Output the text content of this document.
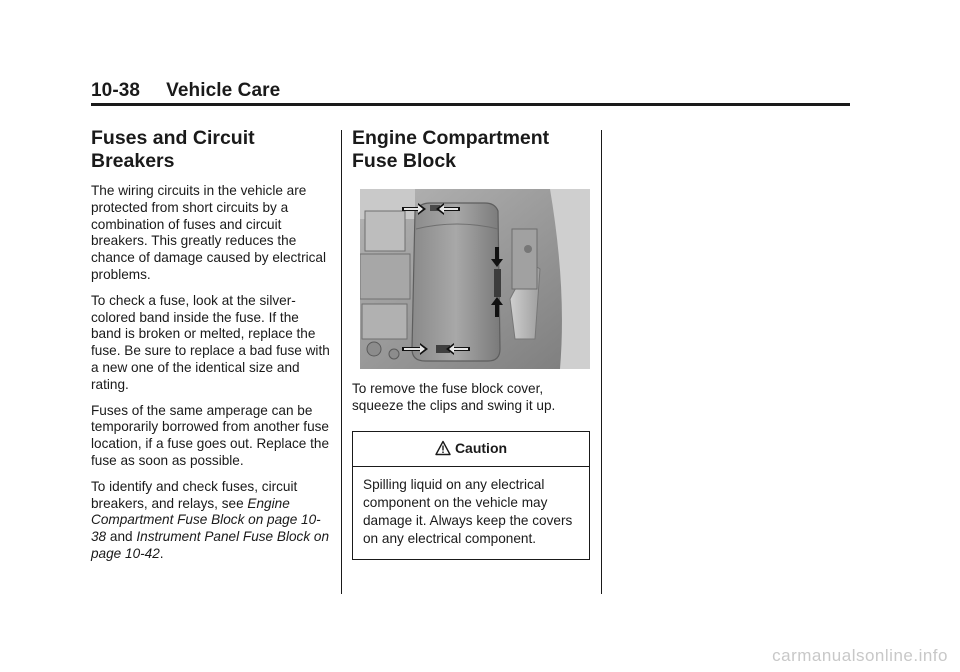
10-38 Vehicle Care
Fuses and Circuit
Breakers

The wiring circuits in the vehicle are protected from short circuits by a combination of fuses and circuit breakers. This greatly reduces the chance of damage caused by electrical problems.

To check a fuse, look at the silver-colored band inside the fuse. If the band is broken or melted, replace the fuse. Be sure to replace a bad fuse with a new one of the identical size and rating.

Fuses of the same amperage can be temporarily borrowed from another fuse location, if a fuse goes out. Replace the fuse as soon as possible.

To identify and check fuses, circuit breakers, and relays, see Engine Compartment Fuse Block on page 10-38 and Instrument Panel Fuse Block on page 10-42.

Engine Compartment
Fuse Block

To remove the fuse block cover, squeeze the clips and swing it up.

Caution

Spilling liquid on any electrical component on the vehicle may damage it. Always keep the covers on any electrical component.

carmanualsonline.info
